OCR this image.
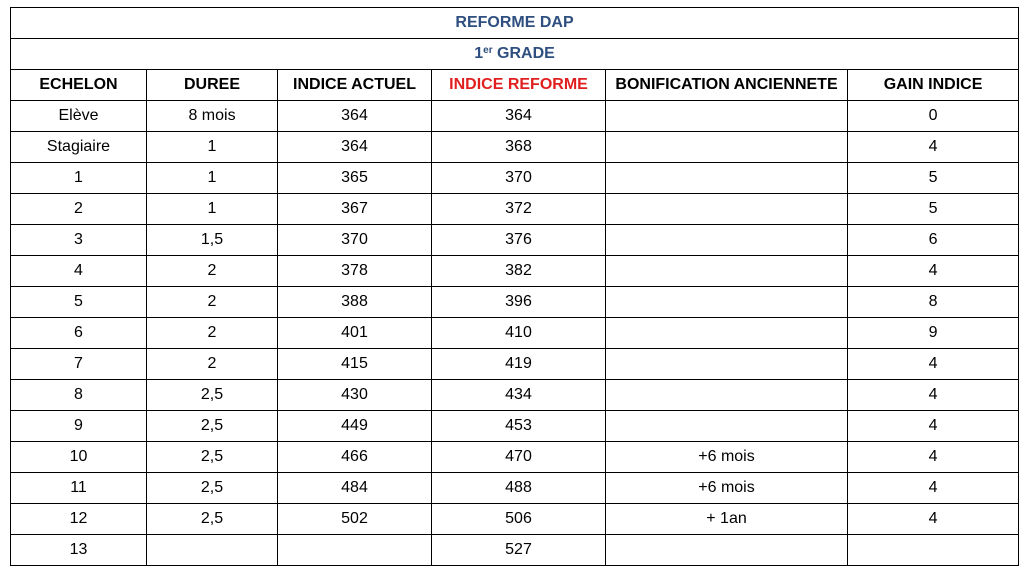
REFORME DAP					
1er GRADE					
ECHELON	DUREE	INDICE ACTUEL	INDICE REFORME	BONIFICATION ANCIENNETE	GAIN INDICE
Elève	8 mois	364	364		0
Stagiaire	1	364	368		4
1	1	365	370		5
2	1	367	372		5
3	1,5	370	376		6
4	2	378	382		4
5	2	388	396		8
6	2	401	410		9
7	2	415	419		4
8	2,5	430	434		4
9	2,5	449	453		4
10	2,5	466	470	+6 mois	4
11	2,5	484	488	+6 mois	4
12	2,5	502	506	+ 1an	4
13			527		
